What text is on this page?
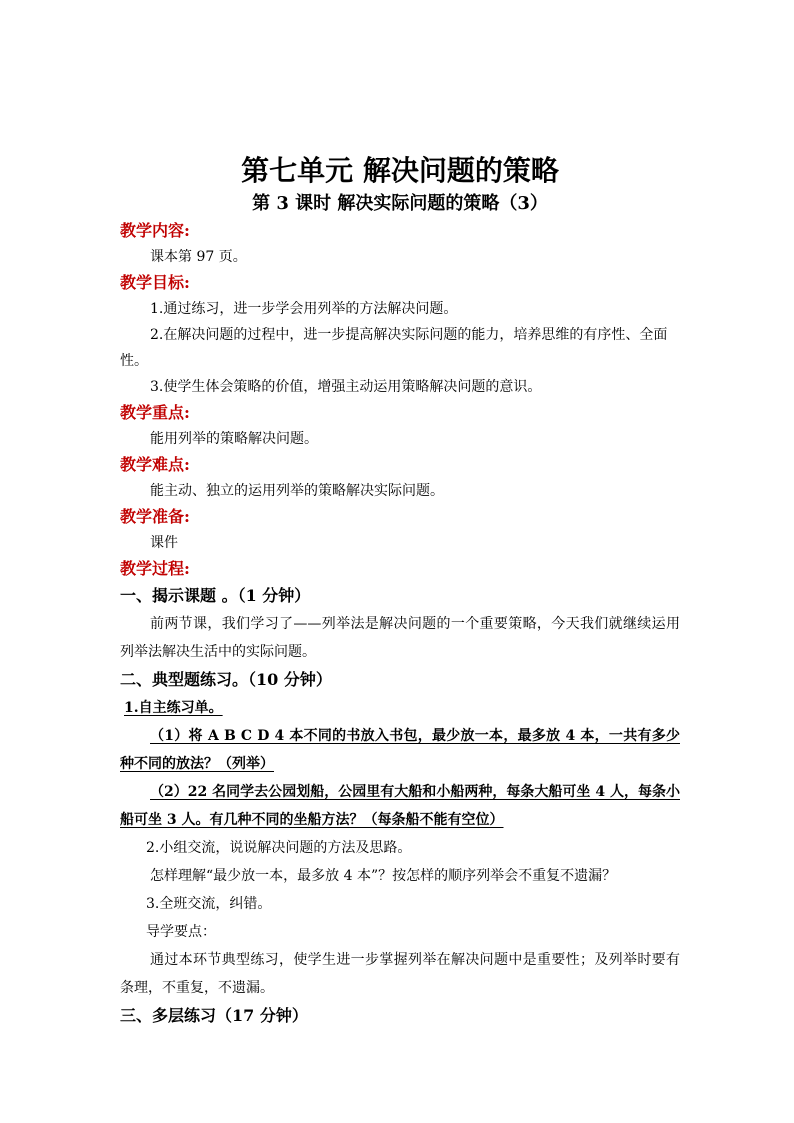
第七单元 解决问题的策略

第 3 课时 解决实际问题的策略（3）

教学内容:

课本第 97 页。

教学目标:

1.通过练习，进一步学会用列举的方法解决问题。

2.在解决问题的过程中，进一步提高解决实际问题的能力，培养思维的有序性、全面性。

3.使学生体会策略的价值，增强主动运用策略解决问题的意识。

教学重点:

能用列举的策略解决问题。

教学难点:

能主动、独立的运用列举的策略解决实际问题。

教学准备:

课件

教学过程:

一、揭示课题 。（1 分钟）

前两节课，我们学习了——列举法是解决问题的一个重要策略，今天我们就继续运用列举法解决生活中的实际问题。

二、典型题练习。（10 分钟）

1.自主练习单。

（1）将 A B C D 4 本不同的书放入书包，最少放一本，最多放 4 本，一共有多少种不同的放法？（列举）

（2）22 名同学去公园划船，公园里有大船和小船两种，每条大船可坐 4 人，每条小船可坐 3 人。有几种不同的坐船方法？（每条船不能有空位）

2.小组交流，说说解决问题的方法及思路。

怎样理解“最少放一本，最多放 4 本”？按怎样的顺序列举会不重复不遗漏？

3.全班交流，纠错。

导学要点：

通过本环节典型练习，使学生进一步掌握列举在解决问题中是重要性；及列举时要有条理，不重复，不遗漏。

三、多层练习（17 分钟）
